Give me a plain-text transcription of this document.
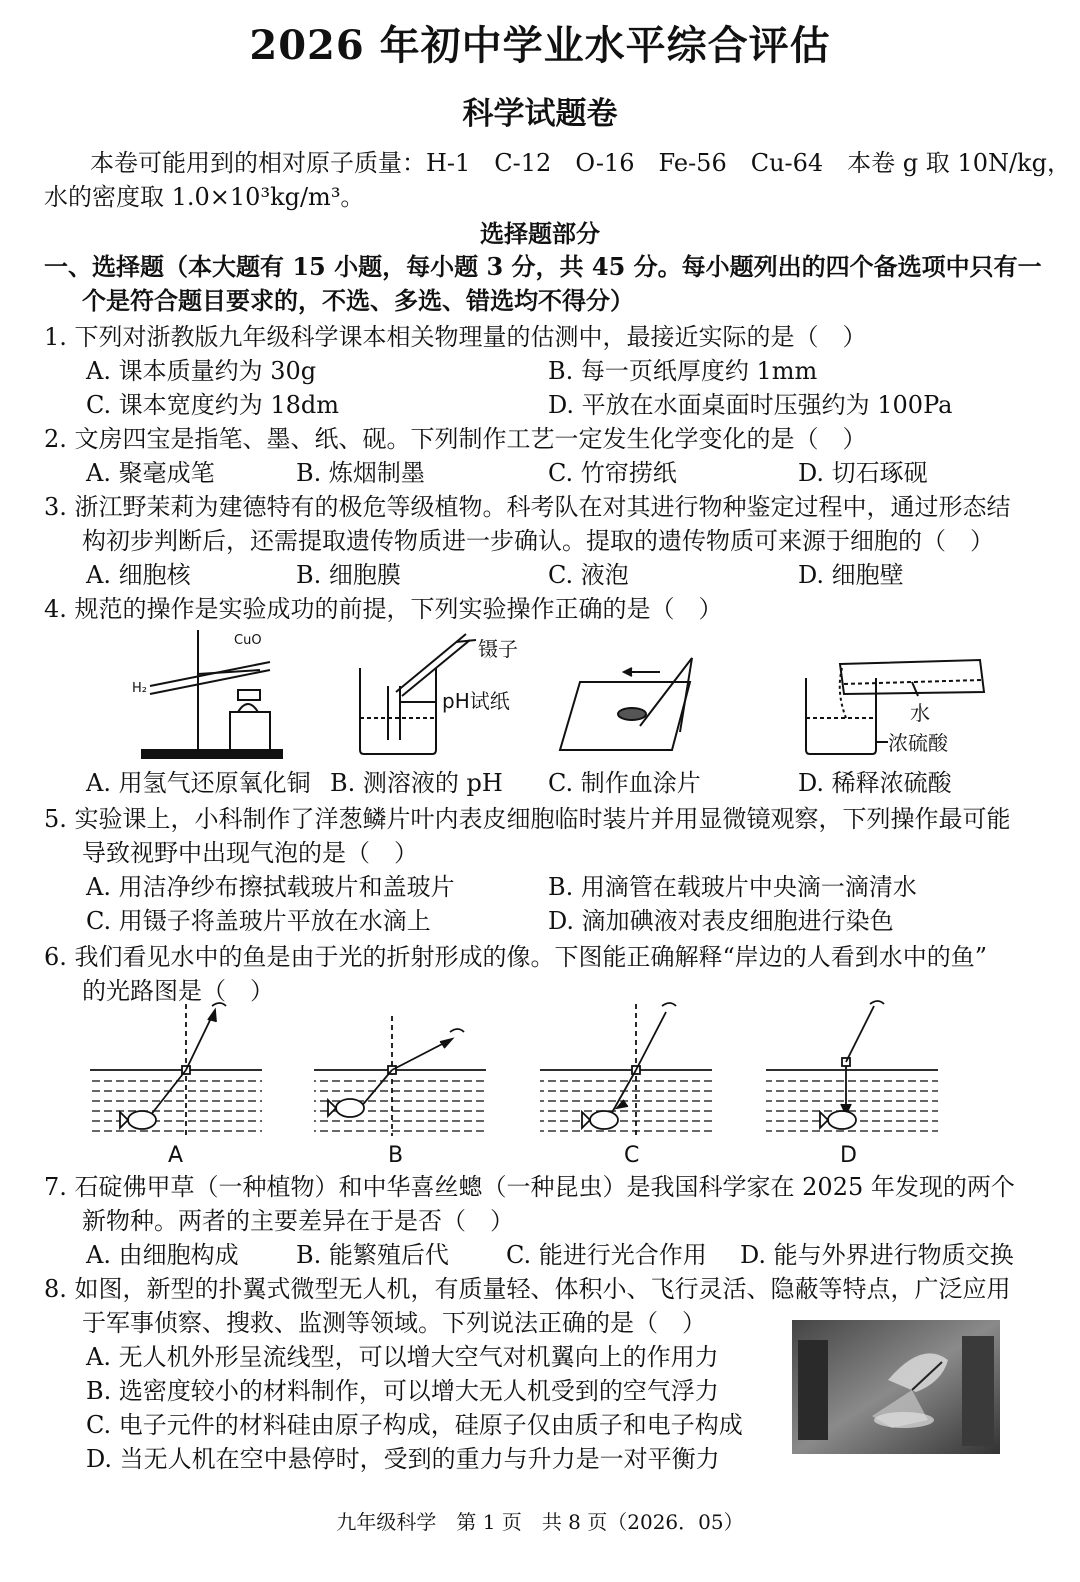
2026 年初中学业水平综合评估
科学试题卷
本卷可能用到的相对原子质量：H-1　C-12　O-16　Fe-56　Cu-64　本卷 g 取 10N/kg，
水的密度取 1.0×10³kg/m³。
选择题部分
一、选择题（本大题有 15 小题，每小题 3 分，共 45 分。每小题列出的四个备选项中只有一
个是符合题目要求的，不选、多选、错选均不得分）
1. 下列对浙教版九年级科学课本相关物理量的估测中，最接近实际的是（　）
A. 课本质量约为 30g	B. 每一页纸厚度约 1mm
C. 课本宽度约为 18dm	D. 平放在水面桌面时压强约为 100Pa
2. 文房四宝是指笔、墨、纸、砚。下列制作工艺一定发生化学变化的是（　）
A. 聚毫成笔	B. 炼烟制墨	C. 竹帘捞纸	D. 切石琢砚
3. 浙江野茉莉为建德特有的极危等级植物。科考队在对其进行物种鉴定过程中，通过形态结
构初步判断后，还需提取遗传物质进一步确认。提取的遗传物质可来源于细胞的（　）
A. 细胞核	B. 细胞膜	C. 液泡	D. 细胞壁
4. 规范的操作是实验成功的前提，下列实验操作正确的是（　）
CuO
H₂
镊子
pH试纸	水
浓硫酸
A. 用氢气还原氧化铜 B. 测溶液的 pH C. 制作血涂片	D. 稀释浓硫酸
5. 实验课上，小科制作了洋葱鳞片叶内表皮细胞临时装片并用显微镜观察，下列操作最可能
导致视野中出现气泡的是（　）
A. 用洁净纱布擦拭载玻片和盖玻片	B. 用滴管在载玻片中央滴一滴清水
C. 用镊子将盖玻片平放在水滴上	D. 滴加碘液对表皮细胞进行染色
6. 我们看见水中的鱼是由于光的折射形成的像。下图能正确解释“岸边的人看到水中的鱼”
的光路图是（　）
A	B	C	D
7. 石碇佛甲草（一种植物）和中华喜丝蟌（一种昆虫）是我国科学家在 2025 年发现的两个
新物种。两者的主要差异在于是否（　）
A. 由细胞构成 B. 能繁殖后代 C. 能进行光合作用 D. 能与外界进行物质交换
8. 如图，新型的扑翼式微型无人机，有质量轻、体积小、飞行灵活、隐蔽等特点，广泛应用
于军事侦察、搜救、监测等领域。下列说法正确的是（　）
A. 无人机外形呈流线型，可以增大空气对机翼向上的作用力
B. 选密度较小的材料制作，可以增大无人机受到的空气浮力
C. 电子元件的材料硅由原子构成，硅原子仅由质子和电子构成
D. 当无人机在空中悬停时，受到的重力与升力是一对平衡力
九年级科学　第 1 页　共 8 页（2026．05）
